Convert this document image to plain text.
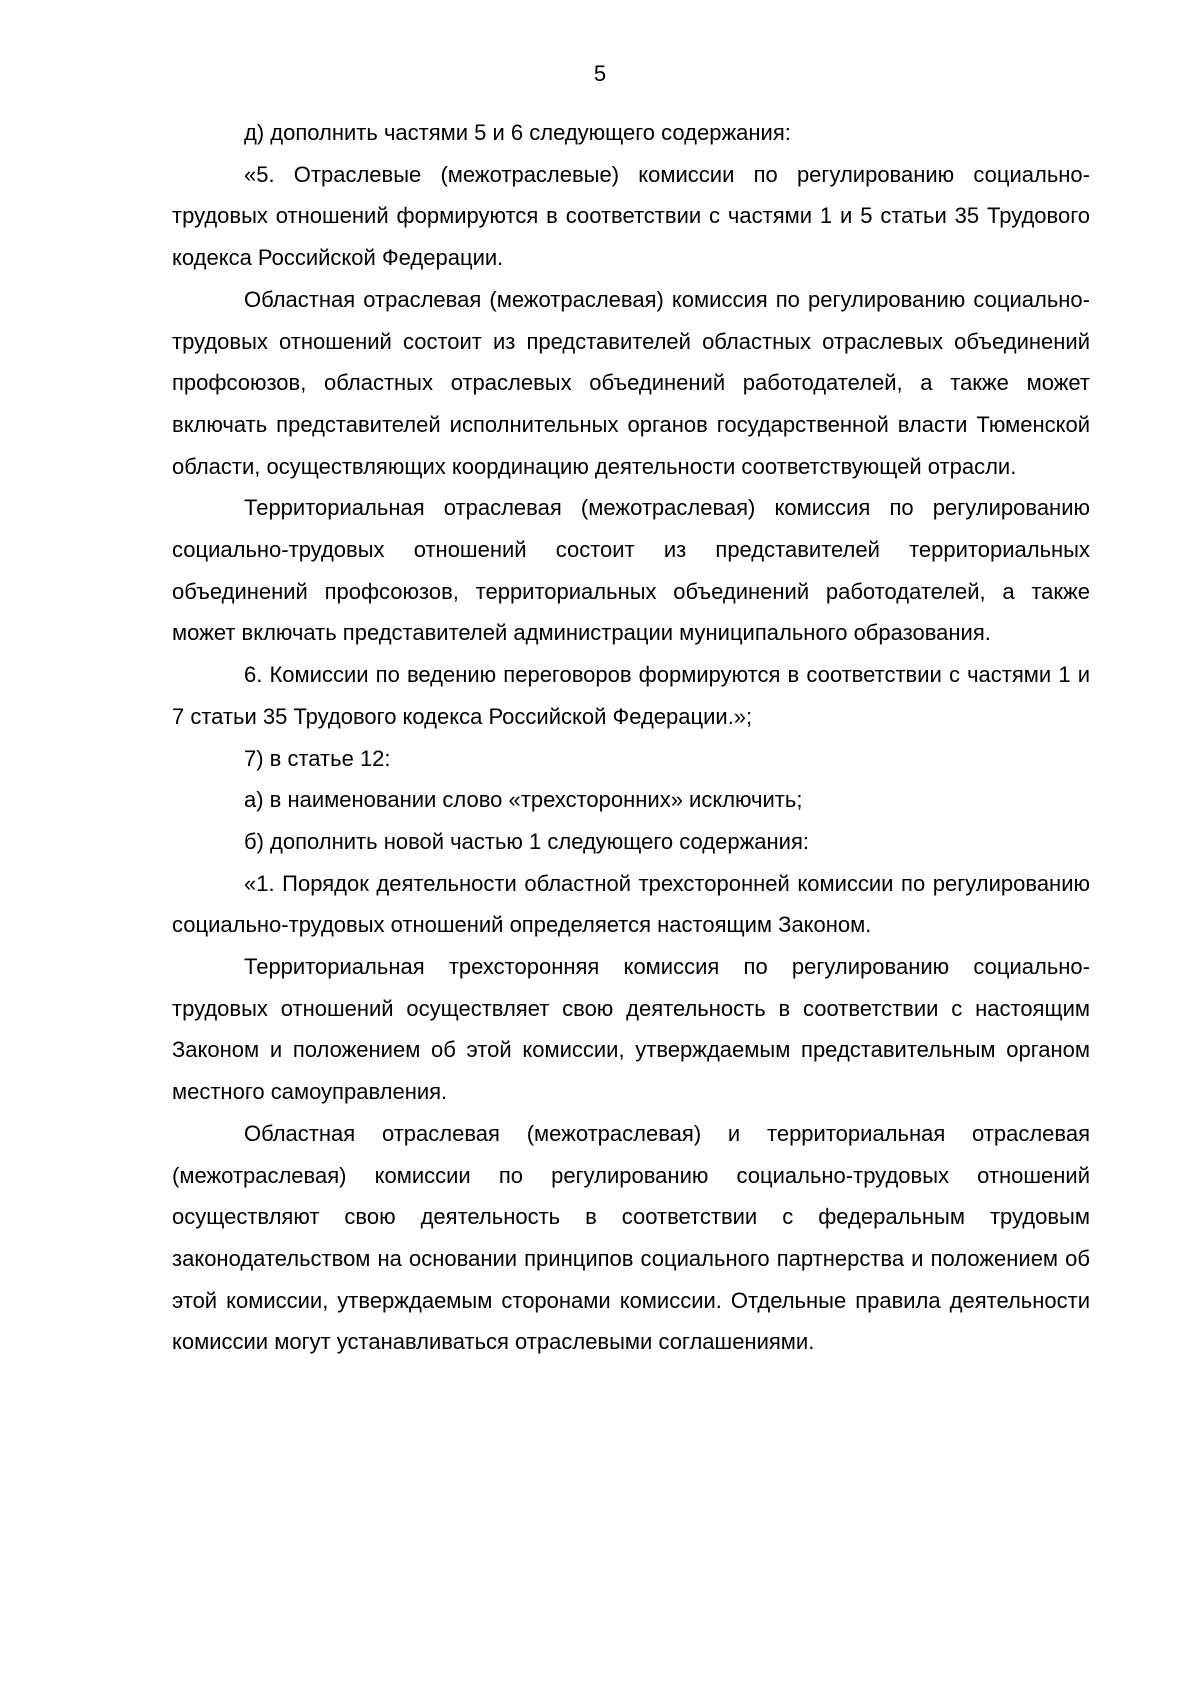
5

д) дополнить частями 5 и 6 следующего содержания:

«5. Отраслевые (межотраслевые) комиссии по регулированию социально-трудовых отношений формируются в соответствии с частями 1 и 5 статьи 35 Трудового кодекса Российской Федерации.

Областная отраслевая (межотраслевая) комиссия по регулированию социально-трудовых отношений состоит из представителей областных отраслевых объединений профсоюзов, областных отраслевых объединений работодателей, а также может включать представителей исполнительных органов государственной власти Тюменской области, осуществляющих координацию деятельности соответствующей отрасли.

Территориальная отраслевая (межотраслевая) комиссия по регулированию социально-трудовых отношений состоит из представителей территориальных объединений профсоюзов, территориальных объединений работодателей, а также может включать представителей администрации муниципального образования.

6. Комиссии по ведению переговоров формируются в соответствии с частями 1 и 7 статьи 35 Трудового кодекса Российской Федерации.»;

7) в статье 12:

а) в наименовании слово «трехсторонних» исключить;

б) дополнить новой частью 1 следующего содержания:

«1. Порядок деятельности областной трехсторонней комиссии по регулированию социально-трудовых отношений определяется настоящим Законом.

Территориальная трехсторонняя комиссия по регулированию социально-трудовых отношений осуществляет свою деятельность в соответствии с настоящим Законом и положением об этой комиссии, утверждаемым представительным органом местного самоуправления.

Областная отраслевая (межотраслевая) и территориальная отраслевая (межотраслевая) комиссии по регулированию социально-трудовых отношений осуществляют свою деятельность в соответствии с федеральным трудовым законодательством на основании принципов социального партнерства и положением об этой комиссии, утверждаемым сторонами комиссии. Отдельные правила деятельности комиссии могут устанавливаться отраслевыми соглашениями.
